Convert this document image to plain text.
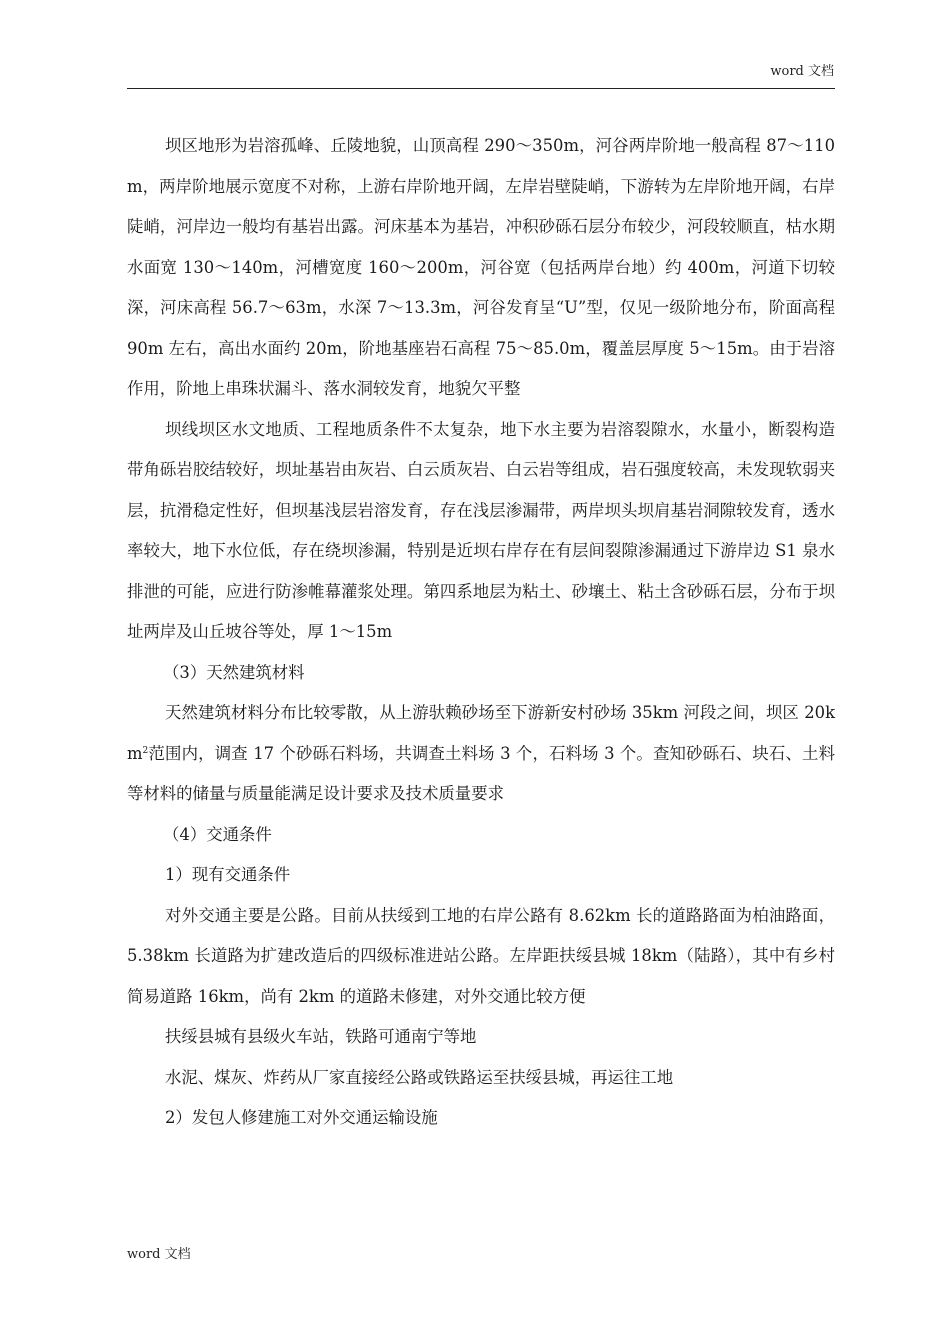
word 文档

坝区地形为岩溶孤峰、丘陵地貌，山顶高程 290～350m，河谷两岸阶地一般高程 87～110m，两岸阶地展示宽度不对称，上游右岸阶地开阔，左岸岩壁陡峭，下游转为左岸阶地开阔，右岸陡峭，河岸边一般均有基岩出露。河床基本为基岩，冲积砂砾石层分布较少，河段较顺直，枯水期水面宽 130～140m，河槽宽度 160～200m，河谷宽（包括两岸台地）约 400m，河道下切较深，河床高程 56.7～63m，水深 7～13.3m，河谷发育呈“U”型，仅见一级阶地分布，阶面高程 90m 左右，高出水面约 20m，阶地基座岩石高程 75～85.0m，覆盖层厚度 5～15m。由于岩溶作用，阶地上串珠状漏斗、落水洞较发育，地貌欠平整

坝线坝区水文地质、工程地质条件不太复杂，地下水主要为岩溶裂隙水，水量小，断裂构造带角砾岩胶结较好，坝址基岩由灰岩、白云质灰岩、白云岩等组成，岩石强度较高，未发现软弱夹层，抗滑稳定性好，但坝基浅层岩溶发育，存在浅层渗漏带，两岸坝头坝肩基岩洞隙较发育，透水率较大，地下水位低，存在绕坝渗漏，特别是近坝右岸存在有层间裂隙渗漏通过下游岸边 S1 泉水排泄的可能，应进行防渗帷幕灌浆处理。第四系地层为粘土、砂壤土、粘土含砂砾石层，分布于坝址两岸及山丘坡谷等处，厚 1～15m

（3）天然建筑材料

天然建筑材料分布比较零散，从上游驮赖砂场至下游新安村砂场 35km 河段之间，坝区 $20km^2$范围内，调查 17 个砂砾石料场，共调查土料场 3 个，石料场 3 个。查知砂砾石、块石、土料等材料的储量与质量能满足设计要求及技术质量要求

（4）交通条件

1）现有交通条件

对外交通主要是公路。目前从扶绥到工地的右岸公路有 8.62km 长的道路路面为柏油路面，5.38km 长道路为扩建改造后的四级标准进站公路。左岸距扶绥县城 18km（陆路），其中有乡村简易道路 16km，尚有 2km 的道路未修建，对外交通比较方便

扶绥县城有县级火车站，铁路可通南宁等地

水泥、煤灰、炸药从厂家直接经公路或铁路运至扶绥县城，再运往工地

2）发包人修建施工对外交通运输设施

word 文档
